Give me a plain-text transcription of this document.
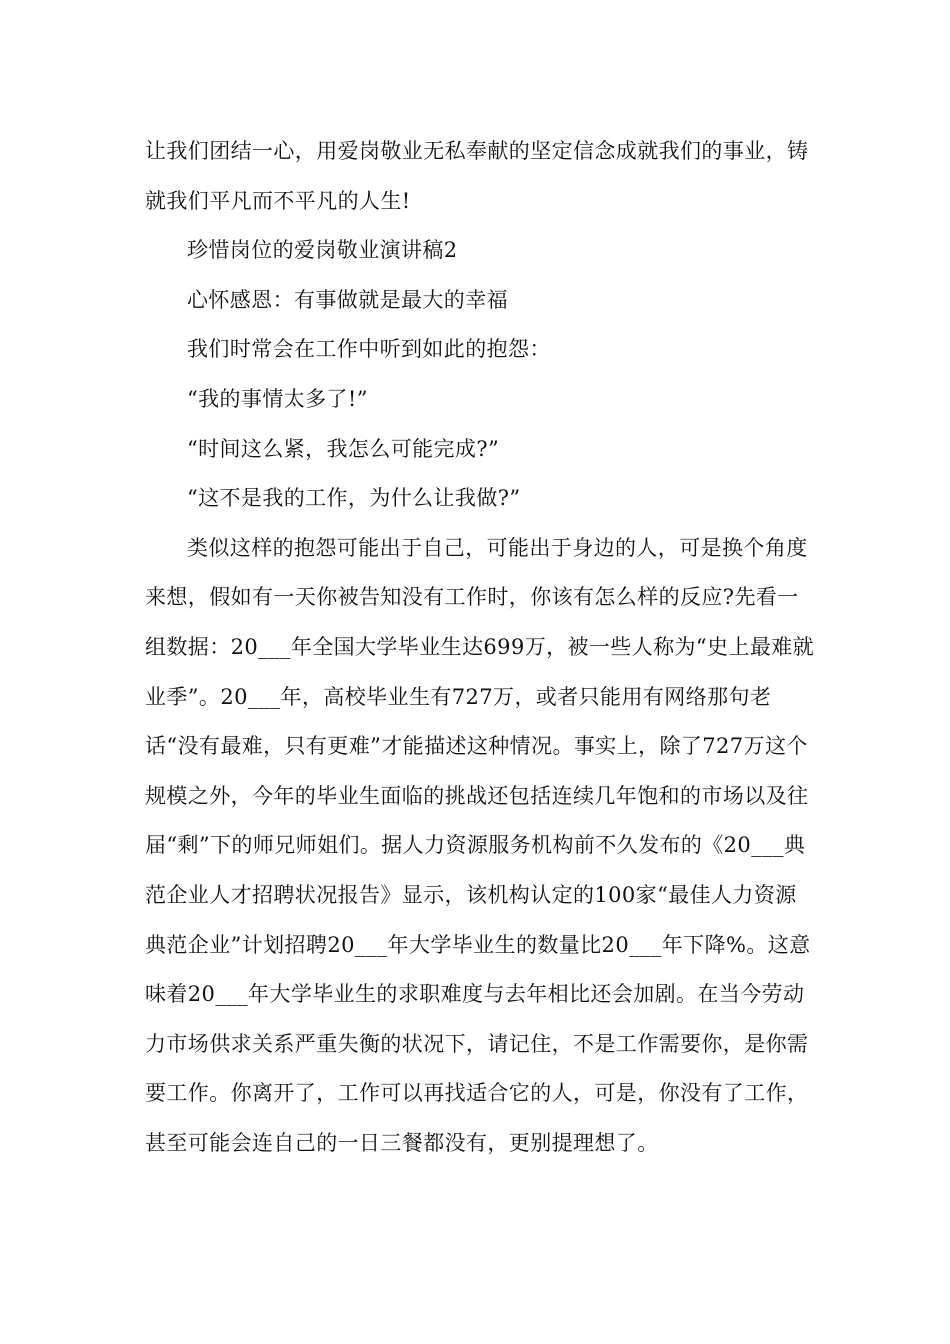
让我们团结一心，用爱岗敬业无私奉献的坚定信念成就我们的事业，铸就我们平凡而不平凡的人生!

珍惜岗位的爱岗敬业演讲稿2

心怀感恩：有事做就是最大的幸福

我们时常会在工作中听到如此的抱怨：

“我的事情太多了!”

“时间这么紧，我怎么可能完成?”

“这不是我的工作，为什么让我做?”

类似这样的抱怨可能出于自己，可能出于身边的人，可是换个角度来想，假如有一天你被告知没有工作时，你该有怎么样的反应?先看一组数据：20___年全国大学毕业生达699万，被一些人称为“史上最难就业季”。20___年，高校毕业生有727万，或者只能用有网络那句老话“没有最难，只有更难”才能描述这种情况。事实上，除了727万这个规模之外，今年的毕业生面临的挑战还包括连续几年饱和的市场以及往届“剩”下的师兄师姐们。据人力资源服务机构前不久发布的《20___典范企业人才招聘状况报告》显示，该机构认定的100家“最佳人力资源典范企业”计划招聘20___年大学毕业生的数量比20___年下降%。这意味着20___年大学毕业生的求职难度与去年相比还会加剧。在当今劳动力市场供求关系严重失衡的状况下，请记住，不是工作需要你，是你需要工作。你离开了，工作可以再找适合它的人，可是，你没有了工作，甚至可能会连自己的一日三餐都没有，更别提理想了。
